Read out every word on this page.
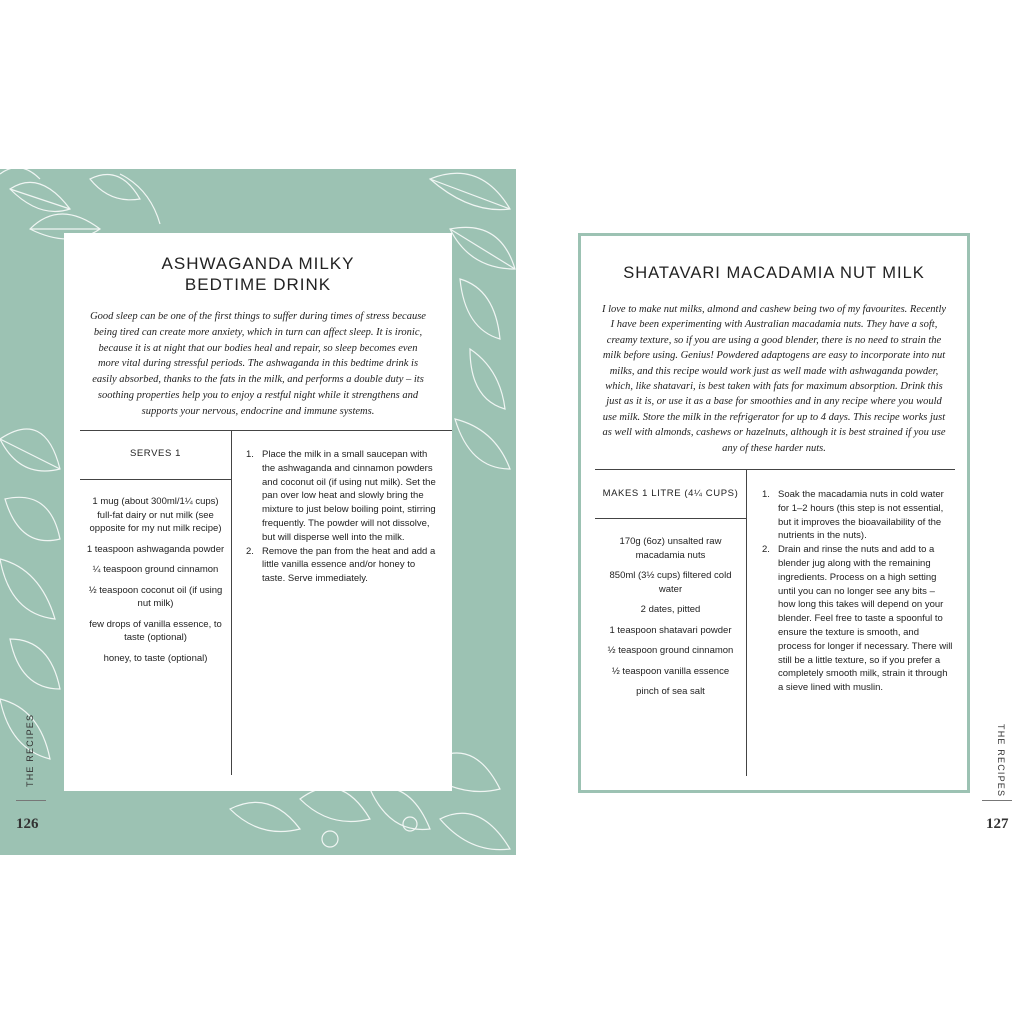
ASHWAGANDA MILKY
BEDTIME DRINK
Good sleep can be one of the first things to suffer during times of stress because being tired can create more anxiety, which in turn can affect sleep. It is ironic, because it is at night that our bodies heal and repair, so sleep becomes even more vital during stressful periods. The ashwaganda in this bedtime drink is easily absorbed, thanks to the fats in the milk, and performs a double duty – its soothing properties help you to enjoy a restful night while it strengthens and supports your nervous, endocrine and immune systems.
SERVES 1
1 mug (about 300ml/1¼ cups) full-fat dairy or nut milk (see opposite for my nut milk recipe)
1 teaspoon ashwaganda powder
¼ teaspoon ground cinnamon
½ teaspoon coconut oil (if using nut milk)
few drops of vanilla essence, to taste (optional)
honey, to taste (optional)
1. Place the milk in a small saucepan with the ashwaganda and cinnamon powders and coconut oil (if using nut milk). Set the pan over low heat and slowly bring the mixture to just below boiling point, stirring frequently. The powder will not dissolve, but will disperse well into the milk.
2. Remove the pan from the heat and add a little vanilla essence and/or honey to taste. Serve immediately.
THE RECIPES
126
SHATAVARI MACADAMIA NUT MILK
I love to make nut milks, almond and cashew being two of my favourites. Recently I have been experimenting with Australian macadamia nuts. They have a soft, creamy texture, so if you are using a good blender, there is no need to strain the milk before using. Genius! Powdered adaptogens are easy to incorporate into nut milks, and this recipe would work just as well made with ashwaganda powder, which, like shatavari, is best taken with fats for maximum absorption. Drink this just as it is, or use it as a base for smoothies and in any recipe where you would use milk. Store the milk in the refrigerator for up to 4 days. This recipe works just as well with almonds, cashews or hazelnuts, although it is best strained if you use any of these harder nuts.
MAKES 1 LITRE (4¼ CUPS)
170g (6oz) unsalted raw macadamia nuts
850ml (3½ cups) filtered cold water
2 dates, pitted
1 teaspoon shatavari powder
½ teaspoon ground cinnamon
½ teaspoon vanilla essence
pinch of sea salt
1. Soak the macadamia nuts in cold water for 1–2 hours (this step is not essential, but it improves the bioavailability of the nutrients in the nuts).
2. Drain and rinse the nuts and add to a blender jug along with the remaining ingredients. Process on a high setting until you can no longer see any bits – how long this takes will depend on your blender. Feel free to taste a spoonful to ensure the texture is smooth, and process for longer if necessary. There will still be a little texture, so if you prefer a completely smooth milk, strain it through a sieve lined with muslin.
THE RECIPES
127
